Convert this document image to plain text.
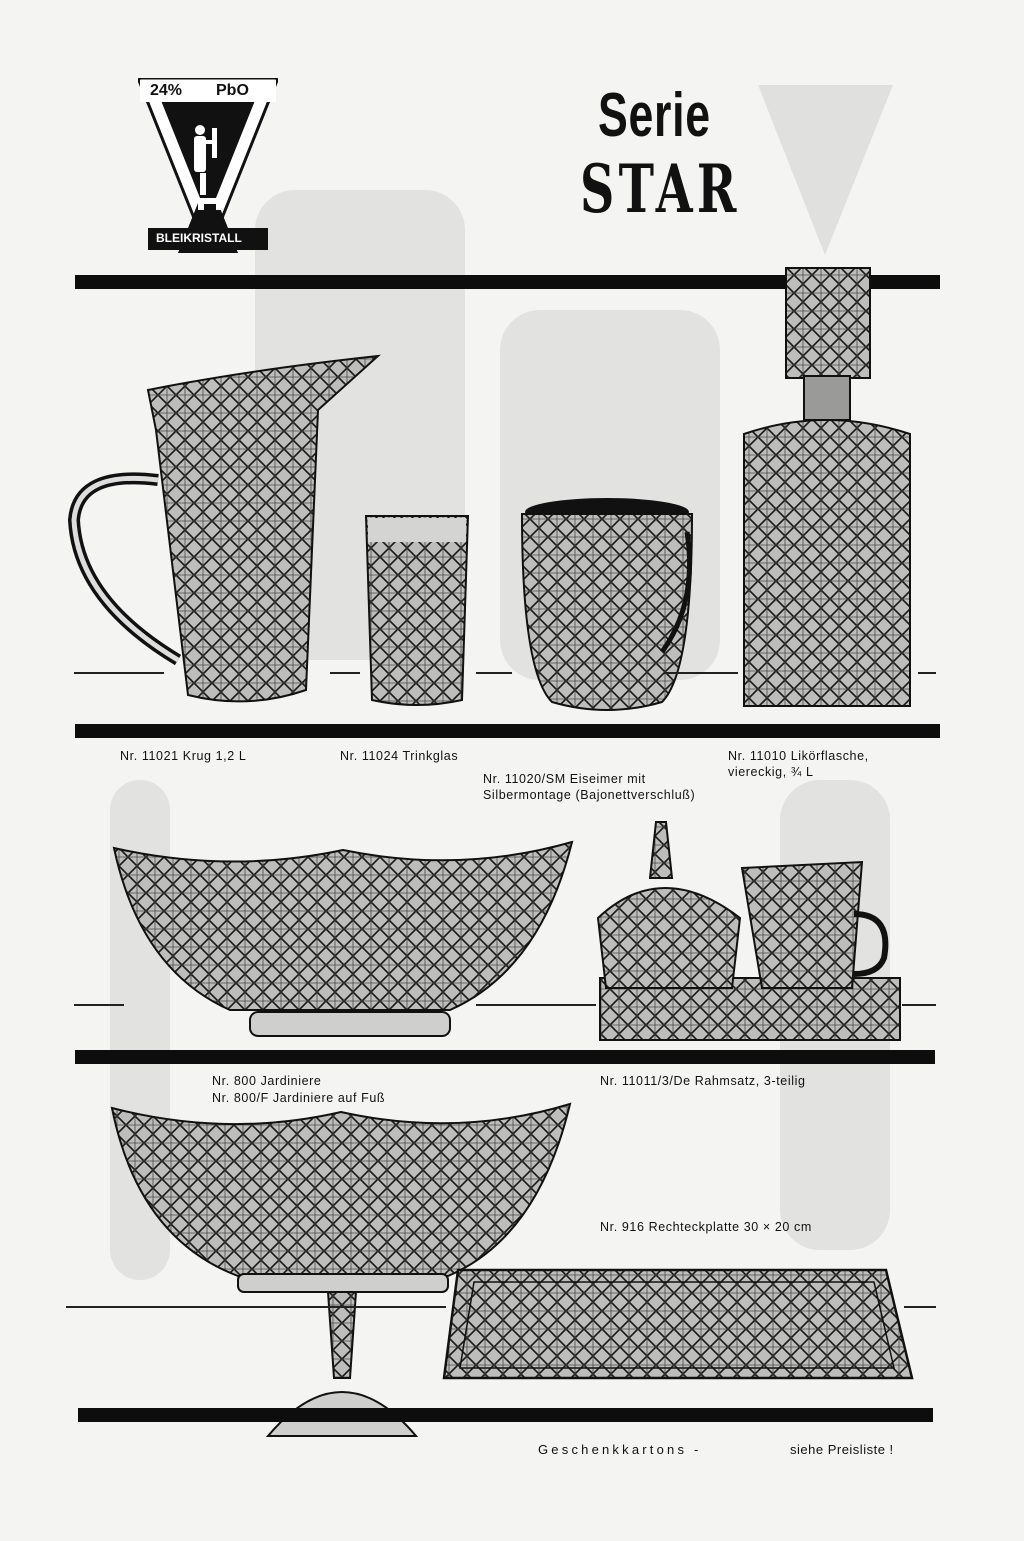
24% PbO
BLEIKRISTALL
Serie
STAR
Nr. 11021 Krug 1,2 L	Nr. 11024 Trinkglas
Nr. 11020/SM Eiseimer mit
Silbermontage (Bajonettverschluß)
Nr. 11010 Likörflasche,
viereckig, ¾ L
Nr. 800 Jardiniere
Nr. 800/F Jardiniere auf Fuß
Nr. 11011/3/De Rahmsatz, 3-teilig
Nr. 916 Rechteckplatte 30 × 20 cm
Geschenkkartons -	siehe Preisliste !
